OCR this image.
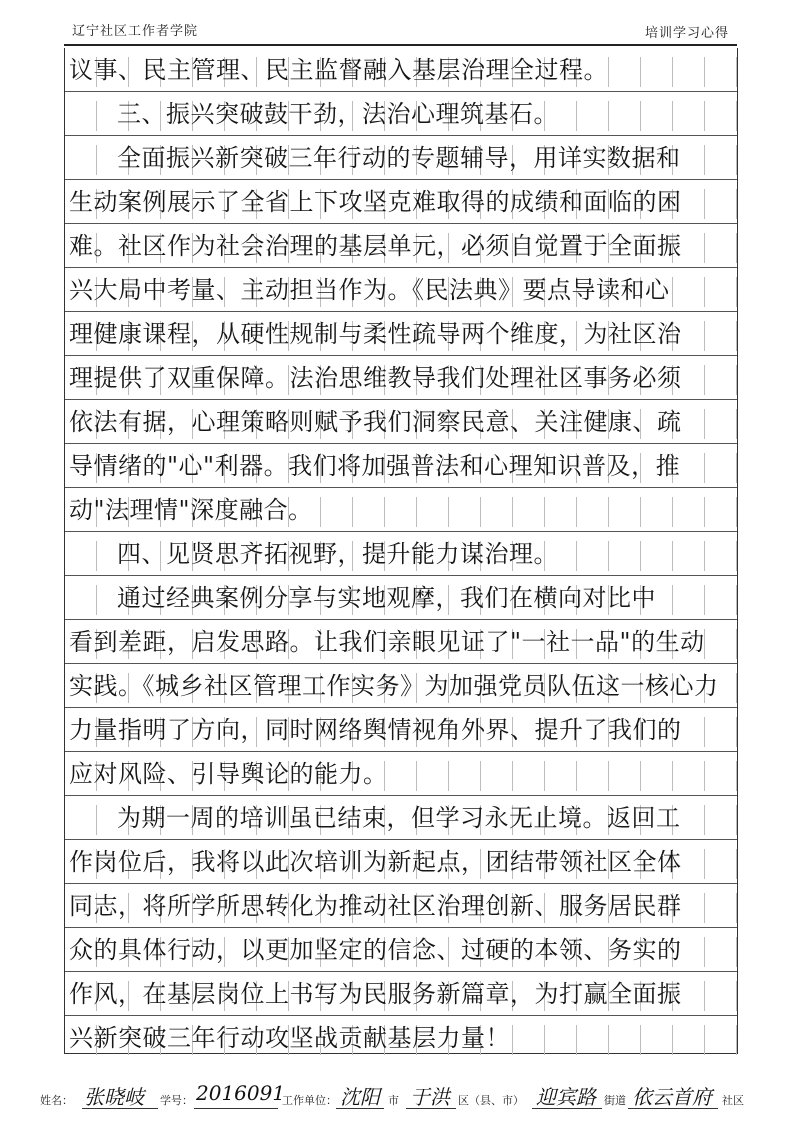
辽宁社区工作者学院	培训学习心得
议事、民主管理、民主监督融入基层治理全过程。
三、振兴突破鼓干劲，法治心理筑基石。
全面振兴新突破三年行动的专题辅导，用详实数据和
生动案例展示了全省上下攻坚克难取得的成绩和面临的困
难。社区作为社会治理的基层单元，必须自觉置于全面振
兴大局中考量、主动担当作为。《民法典》要点导读和心
理健康课程，从硬性规制与柔性疏导两个维度，为社区治
理提供了双重保障。法治思维教导我们处理社区事务必须
依法有据，心理策略则赋予我们洞察民意、关注健康、疏
导情绪的"心"利器。我们将加强普法和心理知识普及，推
动"法理情"深度融合。
四、见贤思齐拓视野，提升能力谋治理。
通过经典案例分享与实地观摩，我们在横向对比中
看到差距，启发思路。让我们亲眼见证了"一社一品"的生动
实践。《城乡社区管理工作实务》为加强党员队伍这一核心力
力量指明了方向，同时网络舆情视角外界、提升了我们的
应对风险、引导舆论的能力。
为期一周的培训虽已结束，但学习永无止境。返回工
作岗位后，我将以此次培训为新起点，团结带领社区全体
同志，将所学所思转化为推动社区治理创新、服务居民群
众的具体行动，以更加坚定的信念、过硬的本领、务实的
作风，在基层岗位上书写为民服务新篇章，为打赢全面振
兴新突破三年行动攻坚战贡献基层力量！
姓名： 张晓岐 学号： 2016091
工作单位： 沈阳 市 于洪 区（县、市） 迎宾路 街道 依云首府 社区
